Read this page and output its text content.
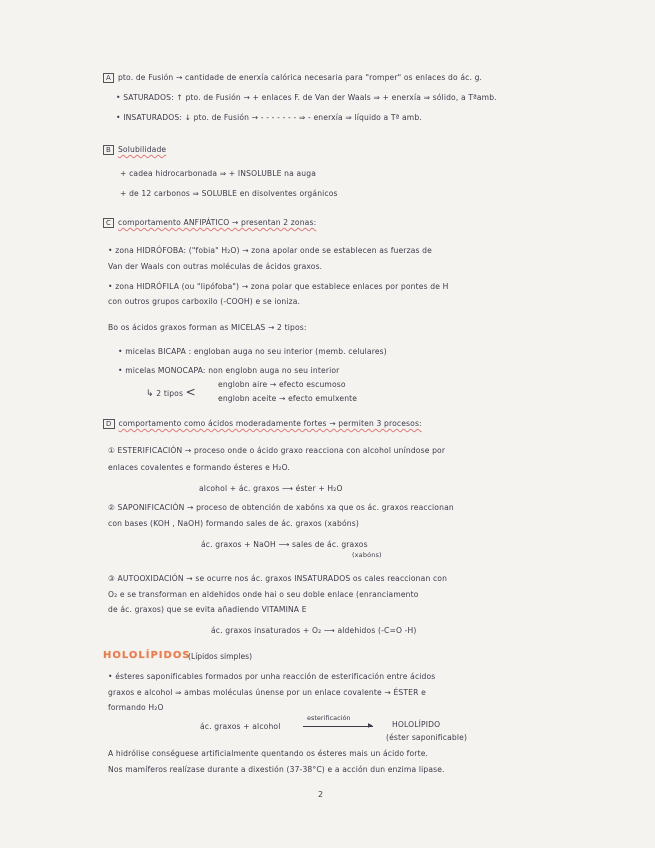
A pto. de Fusión → cantidade de enerxía calórica necesaria para "romper" os enlaces do ác. g.
• SATURADOS: ↑ pto. de Fusión → + enlaces F. de Van der Waals ⇒ + enerxía ⇒ sólido, a Tªamb.
• INSATURADOS: ↓ pto. de Fusión → - - - - - - - ⇒ - enerxía ⇒ líquido a Tª amb.
B Solubilidade
+ cadea hidrocarbonada ⇒ + INSOLUBLE na auga
+ de 12 carbonos ⇒ SOLUBLE en disolventes orgánicos
C comportamento ANFIPÁTICO → presentan 2 zonas:
• zona HIDRÓFOBA: ("fobia" H₂O) → zona apolar onde se establecen as fuerzas de
Van der Waals con outras moléculas de ácidos graxos.
• zona HIDRÓFILA (ou "lipófoba") → zona polar que establece enlaces por pontes de H
con outros grupos carboxilo (-COOH) e se ioniza.
Bo os ácidos graxos forman as MICELAS → 2 tipos:
• micelas BICAPA : engloban auga no seu interior (memb. celulares)
• micelas MONOCAPA: non englobn auga no seu interior
↳ 2 tipos <
englobn aire → efecto escumoso
englobn aceite → efecto emulxente
D comportamento como ácidos moderadamente fortes → permiten 3 procesos:
① ESTERIFICACIÓN → proceso onde o ácido graxo reacciona con alcohol uníndose por
enlaces covalentes e formando ésteres e H₂O.
alcohol + ác. graxos ⟶ éster + H₂O
② SAPONIFICACIÓN → proceso de obtención de xabóns xa que os ác. graxos reaccionan
con bases (KOH , NaOH) formando sales de ác. graxos (xabóns)
ác. graxos + NaOH ⟶ sales de ác. graxos
(xabóns)
③ AUTOOXIDACIÓN → se ocurre nos ác. graxos INSATURADOS os cales reaccionan con
O₂ e se transforman en aldehidos onde hai o seu doble enlace (enranciamento
de ác. graxos) que se evita añadiendo VITAMINA E
ác. graxos insaturados + O₂ ⟶ aldehidos (-C=O -H)
HOLOLÍPIDOS
(Lípidos simples)
• ésteres saponificables formados por unha reacción de esterificación entre ácidos
graxos e alcohol ⇒ ambas moléculas únense por un enlace covalente → ÉSTER e
formando H₂O
ác. graxos + alcohol
esterificación
▶	HOLOLÍPIDO
(éster saponificable)
A hidrólise conséguese artificialmente quentando os ésteres mais un ácido forte.
Nos mamíferos realízase durante a dixestión (37-38°C) e a acción dun enzima lipase.
2
